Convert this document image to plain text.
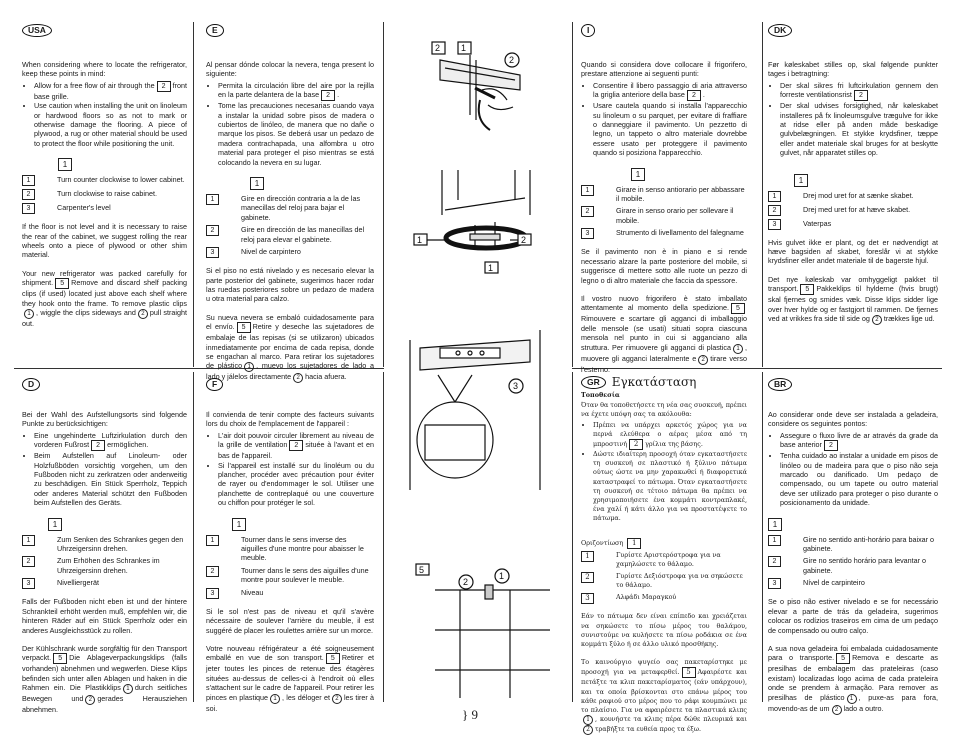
USA

When considering where to locate the refrigerator, keep these points in mind:

• Allow for a free flow of air through the 2 front base grille.
• Use caution when installing the unit on linoleum or hardwood floors so as not to mark or otherwise damage the flooring. A piece of plywood, a rug or other material should be used to protect the floor while positioning the unit.
1
1	Turn counter clockwise to lower cabinet.
2	Turn clockwise to raise cabinet.
3	Carpenter's level

If the floor is not level and it is necessary to raise the rear of the cabinet, we suggest rolling the rear wheels onto a piece of plywood or other shim material.

Your new refrigerator was packed carefully for shipment. 5 Remove and discard shelf packing clips (if used) located just above each shelf where they hook onto the frame. To remove plastic clips1 , wiggle the clips sideways and 2 pull straight out.

E

Al pensar dónde colocar la nevera, tenga present lo siguiente:

• Permita la circulación libre del aire por la rejilla en la parte delantera de la base 2 .
• Tome las precauciones necesarias cuando vaya a instalar la unidad sobre pisos de madera o cubiertos de linóleo, de manera que no dañe o marque los pisos. Se deberá usar un pedazo de madera contrachapada, una alfombra u otro material para proteger el piso mientras se está colocando la nevera en su lugar.
1
1	Gire en dirección contraria a la de las manecillas del reloj para bajar el gabinete.
2	Gire en dirección de las manecillas del reloj para elevar el gabinete.
3	Nivel de carpintero

Si el piso no está nivelado y es necesario elevar la parte posterior del gabinete, sugerimos hacer rodar las ruedas posteriores sobre un pedazo de madera u otra material para calzo.

Su nueva nevera se embaló cuidadosamente para el envío. 5 Retire y deseche las sujetadores de embalaje de las repisas (si se utilizaron) ubicados inmediatamente por encima de cada repisa, donde se engachan al marco. Para retirar los sujetadores de plástico 1 , muevo los sujetadores de lado a lado y jálelos directamente 2 hacia afuera.

I

Quando si considera dove collocare il frigorifero, prestare attenzione ai seguenti punti:

• Consentire il libero passaggio di aria attraverso la griglia anteriore della base 2 .
• Usare cautela quando si installa l'apparecchio su linoleum o su parquet, per evitare di fraffiare o danneggiare il pavimento. Un pezzetto di legno, un tappeto o altro materiale dovrebbe essere usato per proteggere il pavimento quando si posiziona l'apparecchio.
1
1	Girare in senso antiorario per abbassare il mobile.
2	Girare in senso orario per sollevare il mobile.
3	Strumento di livellamento del falegname

Se il pavimento non è in piano e si rende necessario alzare la parte posteriore del mobile, si suggerisce di mettere sotto alle ruote un pezzo di legno o di altro materiale che faccia da spessore.

Il vostro nuovo frigorifero è stato imballato attentamente al momento della spedizione. 5Rimouvere e scartare gli agganci di imballaggio delle mensole (se usati) situati sopra ciascuna mensola nel punto in cui si agganciano alla struttura. Per rimuovere gli agganci di plastica 1 , muovere gli agganci lateralmente e 2 tirare verso l'esterno.

DK

Før køleskabet stilles op, skal følgende punkter tages i betragtning:

• Der skal sikres fri luftcirkulation gennem den forreste ventilationsrist 2
• Der skal udvises forsigtighed, når køleskabet installeres på fx linoleumsgulve trægulve for ikke at ridse eller på anden måde beskadige gulvbelægningen. Et stykke krydsfiner, tæppe eller andet materiale skal bruges for at beskytte gulvet, når apparatet stilles op.
1
1	Drej mod uret for at sænke skabet.
2	Drej med uret for at hæve skabet.
3	Vaterpas

Hvis gulvet ikke er plant, og det er nødvendigt at hæve bagsiden af skabet, foreslår vi at stykke krydsfiner eller andet materiale til de bagerste hjul.

Det nye køleskab var omhyggeligt pakket til transport. 5 Pakkeklips til hylderne (hvis brugt) skal fjernes og smides væk. Disse klips sidder lige over hver hylde og er fastgjort til rammen. De fjernes ved at vrikkes fra side til side og 2 trækkes lige ud.

D

Bei der Wahl des Aufstellungsorts sind folgende Punkte zu berücksichtigen:

• Eine ungehinderte Luftzirkulation durch den vorderen Fußrost 2 ermöglichen.
• Beim Aufstellen auf Linoleum- oder Holzfußböden vorsichtig vorgehen, um den Fußboden nicht zu zerkratzen oder anderweitig zu beschädigen. Ein Stück Sperrholz, Teppich oder anderes Material schützt den Fußboden beim Aufstellen des Geräts.
1
1	Zum Senken des Schrankes gegen den Uhrzeigersinn drehen.
2	Zum Erhöhen des Schrankes im Uhrzeigersinn drehen.
3	Nivelliergerät

Falls der Fußboden nicht eben ist und der hintere Schrankteil erhöht werden muß, empfehlen wir, die hinteren Räder auf ein Stück Sperrholz oder ein anderes Ausgleichsstück zu rollen.

Der Kühlschrank wurde sorgfältig für den Transport verpackt. 5 Die Ablageverpackungsklips (falls vorhanden) abnehmen und wegwerfen. Diese Klips befinden sich unter allen Ablagen und haken in die Rahmen ein. Die Plastikklips 1 durch seitliches Bewegen und 2 gerades Herausziehen abnehmen.

F

Il convienda de tenir compte des facteurs suivants lors du choix de l'emplacement de l'appareil :

• L'air doit pouvoir circuler librement au niveau de la grille de ventilation 2 située à l'avant et en bas de l'appareil.
• Si l'appareil est installé sur du linoléum ou du plancher, procéder avec précaution pour éviter de rayer ou d'endommager le sol. Utiliser une planchette de contreplaqué ou une couverture ou chiffon pour protéger le sol.
1
1	Tourner dans le sens inverse des aiguilles d'une montre pour abaisser le meuble.
2	Tourner dans le sens des aiguilles d'une montre pour soulever le meuble.
3	Niveau

Si le sol n'est pas de niveau et qu'il s'avère nécessaire de soulever l'arrière du meuble, il est suggéré de placer les roulettes arrière sur un morce.

Votre nouveau réfrigérateur a été soigneusement emballé en vue de son transport. 5 Retirer et jeter toutes les pinces de retenue des étagères situées au-dessus de celles-ci à l'endroit où elles s'attachent sur le cadre de l'appareil. Pour retirer les pinces en plastique 1 , les déloger et 2 les tirer à soi.

GR	Εγκατάσταση
Τοποθεσία

Όταν θα τοποθετήσετε τη νέα σας συσκευή, πρέπει να έχετε υπόψη σας τα ακόλουθα:

• Πρέπει να υπάρχει αρκετός χώρος για να περνά ελεύθερα ο αέρας μέσα από τη μπροστινή 2 γρίλια της βάσης.
• Δώστε ιδιαίτερη προσοχή όταν εγκαταστήσετε τη συσκευή σε πλαστικό ή ξύλινο πάτωμα ούτως ώστε να μην χαρακωθεί ή διαφορετικά καταστραφεί το πάτωμα. Όταν εγκαταστήσετε τη συσκευή σε τέτοιο πάτωμα θα πρέπει να χρησιμοποιήσετε ένα κομμάτι κοντραπλακέ, ένα χαλί ή κάτι άλλο για να προστατέψετε το πάτωμα.
Οριζοντίωση 1
1	Γυρίστε Αριστερόστροφα για να χαμηλώσετε το θάλαμο.
2	Γυρίστε Δεξιόστροφα για να σηκώσετε το θάλαμο.
3	Αλφάδι Μαραγκού

Εάν το πάτωμα δεν είναι επίπεδο και χρειάζεται να σηκώσετε το πίσω μέρος του θαλάμου, συνιστούμε να κυλήσετε τα πίσω ροδάκια σε ένα κομμάτι ξύλο ή σε άλλο υλικό προσθήκης.

Το καινούργιο ψυγείο σας πακεταρίστηκε με προσοχή για να μεταφερθεί. 5 Αφαιρέστε και πετάξτε τα κλιπ πακεταρίσματος (εάν υπάρχουν), και τα οποία βρίσκονται στο επάνω μέρος του κάθε ραφιού στο μέρος που το ράφι κουμπώνει με το πλαίσιο. Για να αφαιρέσετε τα πλαστικά κλιπς1 , κουνήστε τα κλιπς πέρα δώθε πλευρικά και2 τραβήξτε τα ευθεία προς τα έξω.

BR

Ao considerar onde deve ser instalada a geladeira, considere os seguintes pontos:

• Assegure o fluxo livre de ar através da grade da base anterior 2
• Tenha cuidado ao instalar a unidade em pisos de linóleo ou de madeira para que o piso não seja marcado ou danificado. Um pedaço de compensado, ou um tapete ou outro material deve ser utilizado para proteger o piso durante o posicionamento da unidade.
1
1	Gire no sentido anti-horário para baixar o gabinete.
2	Gire no sentido horário para levantar o gabinete.
3	Nível de carpinteiro

Se o piso não estiver nivelado e se for necessário elevar a parte de trás da geladeira, sugerimos colocar os rodízios traseiros em cima de um pedaço de compensado ou outro calço.

A sua nova geladeira foi embalada cuidadosamente para o transporte. 5 Remova e descarte as presilhas de embalagem das prateleiras (caso existam) localizadas logo acima de cada prateleira onde se prendem à armação. Para remover as presilhas de plástico 1 , puxe-as para fora, movendo-as de um 2 lado a outro.

2 1
2
1	2
1
3
5
2
1
} 9
